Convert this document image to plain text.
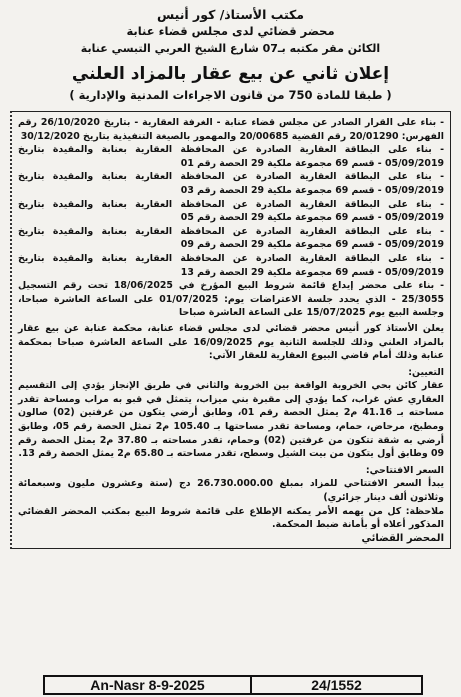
مكتب الأستاذ/ كور أنيس
محضر قضائي لدى مجلس قضاء عنابة
الكائن مقر مكتبه بـ07 شارع الشيخ العربي التبسي عنابة
إعلان ثاني عن بيع عقار بالمزاد العلني
( طبقا للمادة 750 من قانون الاجراءات المدنية والإدارية )

- بناء على القرار الصادر عن مجلس قضاء عنابة - الغرفة العقارية - بتاريخ 26/10/2020 رقم الفهرس: 20/01290 رقم القضية 20/00685 والمهمور بالصيغة التنفيذية بتاريخ 30/12/2020

- بناء على البطاقة العقارية الصادرة عن المحافظة العقارية بعنابة والمقيدة بتاريخ 05/09/2019 - قسم 69 مجموعة ملكية 29 الحصة رقم 01

- بناء على البطاقة العقارية الصادرة عن المحافظة العقارية بعنابة والمقيدة بتاريخ 05/09/2019 - قسم 69 مجموعة ملكية 29 الحصة رقم 03

- بناء على البطاقة العقارية الصادرة عن المحافظة العقارية بعنابة والمقيدة بتاريخ 05/09/2019 - قسم 69 مجموعة ملكية 29 الحصة رقم 05

- بناء على البطاقة العقارية الصادرة عن المحافظة العقارية بعنابة والمقيدة بتاريخ 05/09/2019 - قسم 69 مجموعة ملكية 29 الحصة رقم 09

- بناء على البطاقة العقارية الصادرة عن المحافظة العقارية بعنابة والمقيدة بتاريخ 05/09/2019 - قسم 69 مجموعة ملكية 29 الحصة رقم 13

- بناء على محضر إيداع قائمة شروط البيع المؤرخ في 18/06/2025 تحت رقم التسجيل 25/3055 - الذي يحدد جلسة الاعتراضات يوم: 01/07/2025 على الساعة العاشرة صباحا، وجلسة البيع يوم 15/07/2025 على الساعة العاشرة صباحا

يعلن الأستاذ كور أنيس محضر قضائي لدى مجلس قضاء عنابة، محكمة عنابة عن بيع عقار بالمزاد العلني وذلك للجلسة الثانية يوم 16/09/2025 على الساعة العاشرة صباحا بمحكمة عنابة وذلك أمام قاضي البيوع العقارية للعقار الآتي:

التعيين:

عقار كائن بحي الخروبة الواقعة بين الخروبة والثاني في طريق الإنجاز يؤدي إلى التقسيم العقاري عش غراب، كما يؤدي إلى مقبرة بني ميزاب، يتمثل في قبو به مراب ومساحة تقدر مساحته بـ 41.16 م2 يمثل الحصة رقم 01، وطابق أرضي يتكون من غرفتين (02) صالون ومطبخ، مرحاض، حمام، ومساحة تقدر مساحتها بـ 105.40 م2 تمثل الحصة رقم 05، وطابق أرضي به شقة تتكون من غرفتين (02) وحمام، تقدر مساحته بـ 37.80 م2 يمثل الحصة رقم 09 وطابق أول يتكون من بيت الشيل وسطح، تقدر مساحته بـ 65.80 م2 يمثل الحصة رقم 13.

السعر الافتتاحي:

يبدأ السعر الافتتاحي للمزاد بمبلغ 26.730.000.00 دج (ستة وعشرون مليون وسبعمائة وثلاثون ألف دينار جزائري)

ملاحظة: كل من يهمه الأمر يمكنه الإطلاع على قائمة شروط البيع بمكتب المحضر القضائي المذكور أعلاه أو بأمانة ضبط المحكمة.

المحضر القضائي

An-Nasr 8-9-2025	24/1552
